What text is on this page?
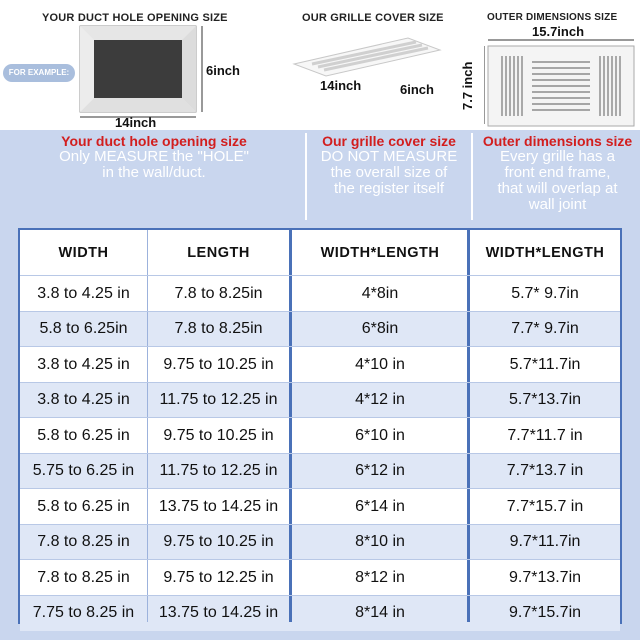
YOUR DUCT HOLE OPENING SIZE	OUR GRILLE COVER SIZE	OUTER DIMENSIONS SIZE
FOR EXAMPLE:	6inch
14inch
14inch	6inch
15.7inch
7.7 inch
Your duct hole opening size
Only MEASURE the "HOLE"
in the wall/duct.
Our grille cover size
DO NOT MEASURE
the overall size of
the register itself
Outer dimensions size
Every grille has a
front end frame,
that will overlap at
wall joint
WIDTH	LENGTH	WIDTH*LENGTH	WIDTH*LENGTH
3.8 to 4.25 in	7.8 to 8.25in	4*8in	5.7* 9.7in
5.8 to 6.25in	7.8 to 8.25in	6*8in	7.7* 9.7in
3.8 to 4.25 in	9.75 to 10.25 in	4*10 in	5.7*11.7in
3.8 to 4.25 in	11.75 to 12.25 in	4*12 in	5.7*13.7in
5.8 to 6.25 in	9.75 to 10.25 in	6*10 in	7.7*11.7 in
5.75 to 6.25 in	11.75 to 12.25 in	6*12 in	7.7*13.7 in
5.8 to 6.25 in	13.75 to 14.25 in	6*14 in	7.7*15.7 in
7.8 to 8.25 in	9.75 to 10.25 in	8*10 in	9.7*11.7in
7.8 to 8.25 in	9.75 to 12.25 in	8*12 in	9.7*13.7in
7.75 to 8.25 in	13.75 to 14.25 in	8*14 in	9.7*15.7in
